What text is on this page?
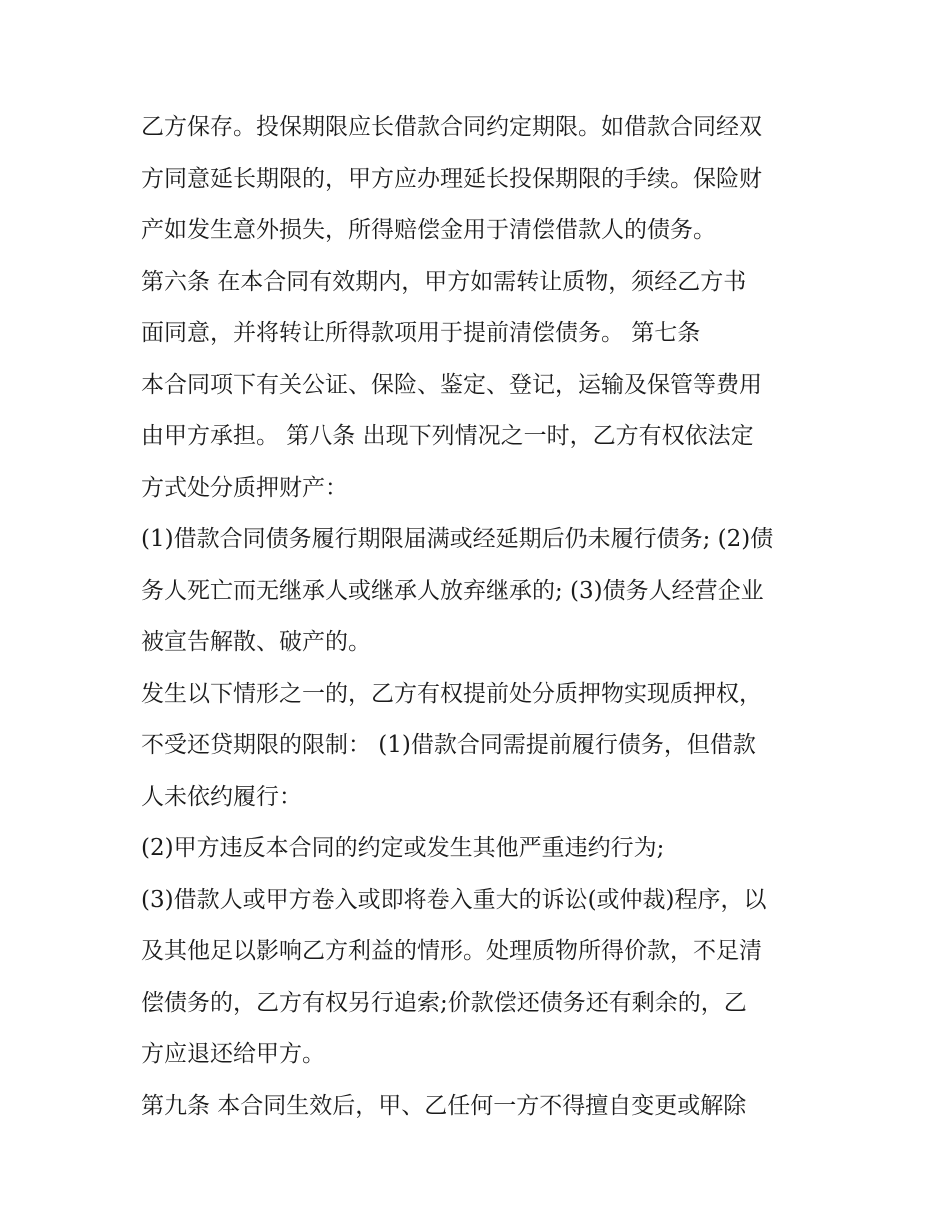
乙方保存。投保期限应长借款合同约定期限。如借款合同经双
方同意延长期限的，甲方应办理延长投保期限的手续。保险财
产如发生意外损失，所得赔偿金用于清偿借款人的债务。
第六条 在本合同有效期内，甲方如需转让质物，须经乙方书
面同意，并将转让所得款项用于提前清偿债务。 第七条
本合同项下有关公证、保险、鉴定、登记，运输及保管等费用
由甲方承担。 第八条 出现下列情况之一时，乙方有权依法定
方式处分质押财产：
(1)借款合同债务履行期限届满或经延期后仍未履行债务; (2)债
务人死亡而无继承人或继承人放弃继承的; (3)债务人经营企业
被宣告解散、破产的。
发生以下情形之一的，乙方有权提前处分质押物实现质押权，
不受还贷期限的限制： (1)借款合同需提前履行债务，但借款
人未依约履行：
(2)甲方违反本合同的约定或发生其他严重违约行为;
(3)借款人或甲方卷入或即将卷入重大的诉讼(或仲裁)程序，以
及其他足以影响乙方利益的情形。处理质物所得价款，不足清
偿债务的，乙方有权另行追索;价款偿还债务还有剩余的，乙
方应退还给甲方。
第九条 本合同生效后，甲、乙任何一方不得擅自变更或解除
